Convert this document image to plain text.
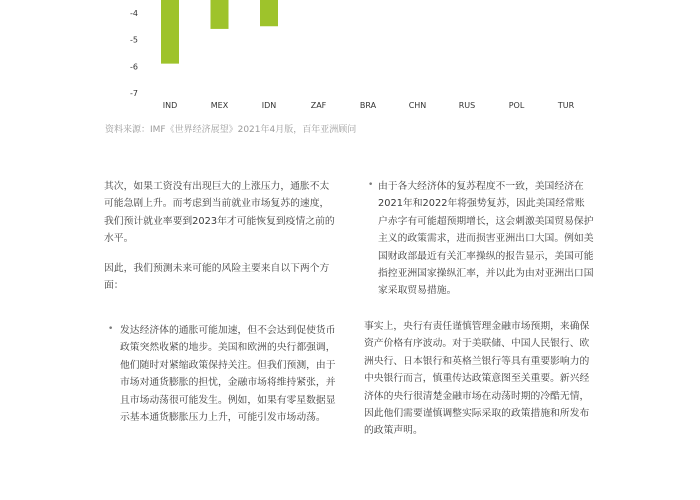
-7
-6
-5
-4
IND	MEX	IDN	ZAF	BRA	CHN	RUS	POL	TUR
资料来源：IMF《世界经济展望》2021年4月版，百年亚洲顾问

其次，如果工资没有出现巨大的上涨压力，通胀不太可能急剧上升。而考虑到当前就业市场复苏的速度，我们预计就业率要到2023年才可能恢复到疫情之前的水平。

因此，我们预测未来可能的风险主要来自以下两个方面：

• 发达经济体的通胀可能加速，但不会达到促使货币政策突然收紧的地步。美国和欧洲的央行都强调，他们随时对紧缩政策保持关注。但我们预测，由于市场对通货膨胀的担忧，金融市场将维持紧张，并且市场动荡很可能发生。例如，如果有零星数据显示基本通货膨胀压力上升，可能引发市场动荡。

• 由于各大经济体的复苏程度不一致，美国经济在2021年和2022年将强势复苏，因此美国经常账户赤字有可能超预期增长，这会刺激美国贸易保护主义的政策需求，进而损害亚洲出口大国。例如美国财政部最近有关汇率操纵的报告显示，美国可能指控亚洲国家操纵汇率，并以此为由对亚洲出口国家采取贸易措施。

事实上，央行有责任谨慎管理金融市场预期，来确保资产价格有序波动。对于美联储、中国人民银行、欧洲央行、日本银行和英格兰银行等具有重要影响力的中央银行而言，慎重传达政策意图至关重要。新兴经济体的央行很清楚金融市场在动荡时期的冷酷无情，因此他们需要谨慎调整实际采取的政策措施和所发布的政策声明。
